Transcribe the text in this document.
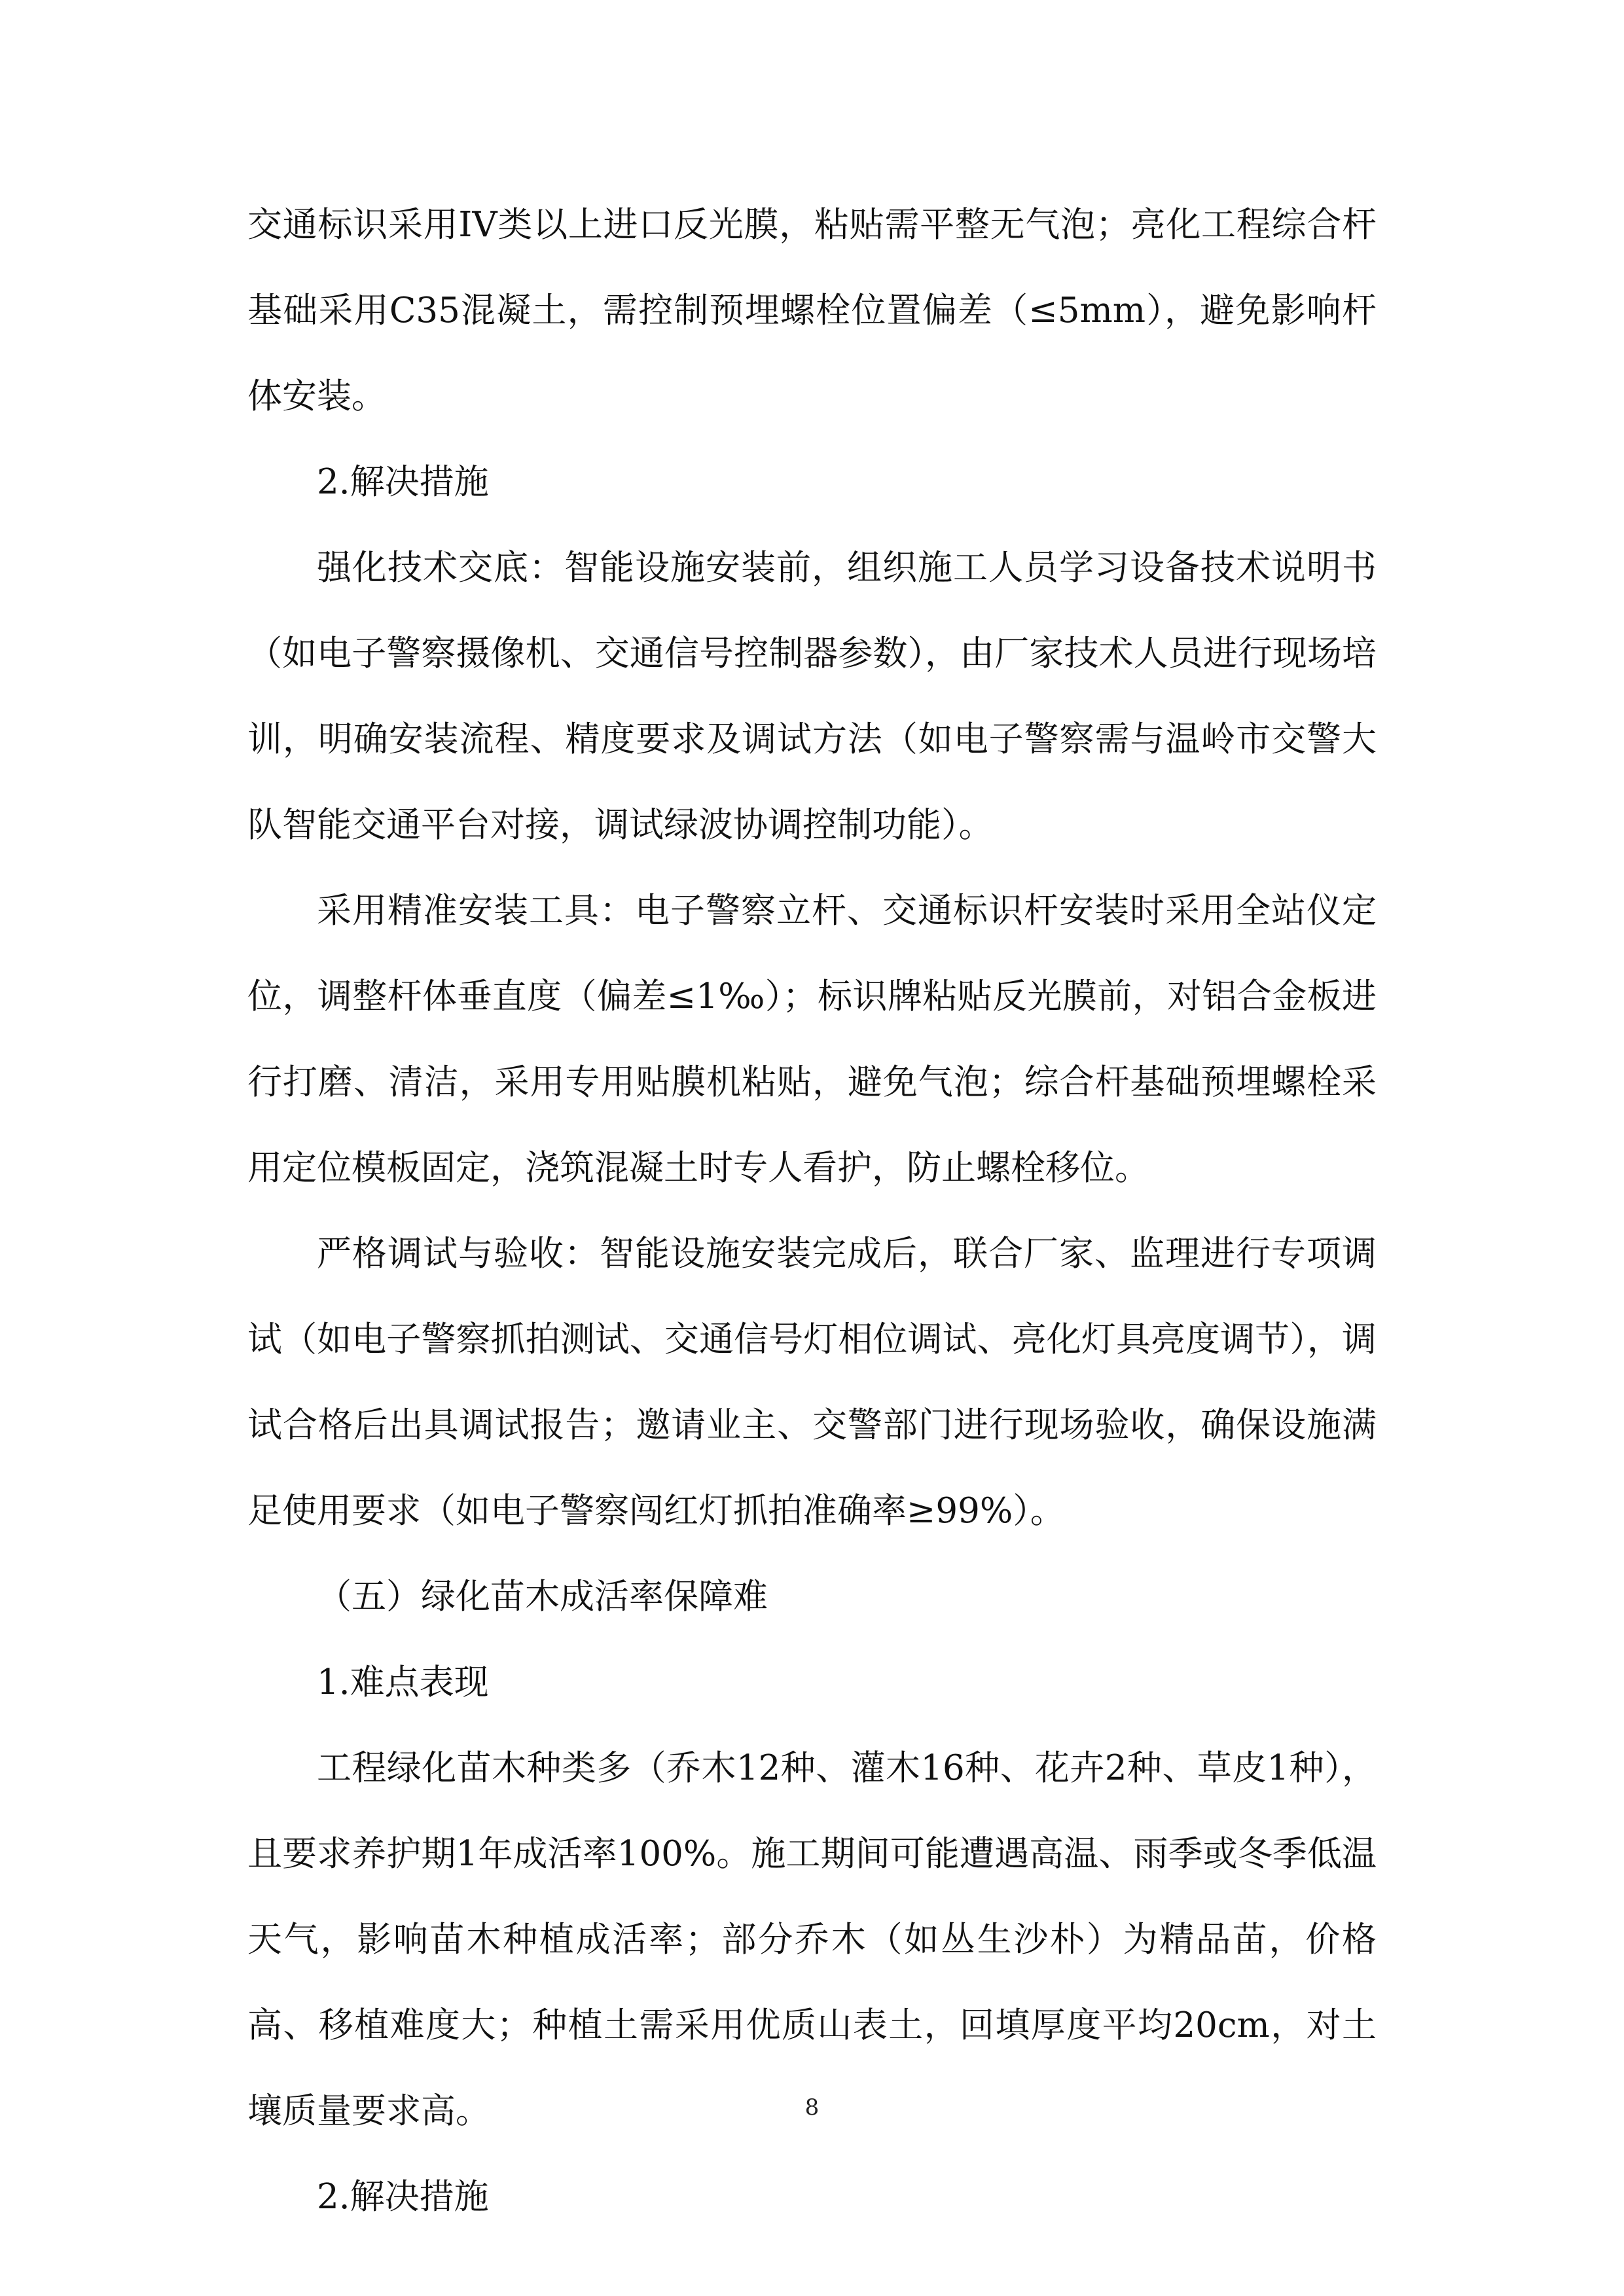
交通标识采用IV类以上进口反光膜，粘贴需平整无气泡；亮化工程综合杆基础采用C35混凝土，需控制预埋螺栓位置偏差（≤5mm），避免影响杆体安装。

2.解决措施

强化技术交底：智能设施安装前，组织施工人员学习设备技术说明书（如电子警察摄像机、交通信号控制器参数），由厂家技术人员进行现场培训，明确安装流程、精度要求及调试方法（如电子警察需与温岭市交警大队智能交通平台对接，调试绿波协调控制功能）。

采用精准安装工具：电子警察立杆、交通标识杆安装时采用全站仪定位，调整杆体垂直度（偏差≤1‰）；标识牌粘贴反光膜前，对铝合金板进行打磨、清洁，采用专用贴膜机粘贴，避免气泡；综合杆基础预埋螺栓采用定位模板固定，浇筑混凝土时专人看护，防止螺栓移位。

严格调试与验收：智能设施安装完成后，联合厂家、监理进行专项调试（如电子警察抓拍测试、交通信号灯相位调试、亮化灯具亮度调节），调试合格后出具调试报告；邀请业主、交警部门进行现场验收，确保设施满足使用要求（如电子警察闯红灯抓拍准确率≥99%）。

（五）绿化苗木成活率保障难

1.难点表现

工程绿化苗木种类多（乔木12种、灌木16种、花卉2种、草皮1种），且要求养护期1年成活率100%。施工期间可能遭遇高温、雨季或冬季低温天气，影响苗木种植成活率；部分乔木（如丛生沙朴）为精品苗，价格高、移植难度大；种植土需采用优质山表土，回填厚度平均20cm，对土壤质量要求高。

2.解决措施

8
